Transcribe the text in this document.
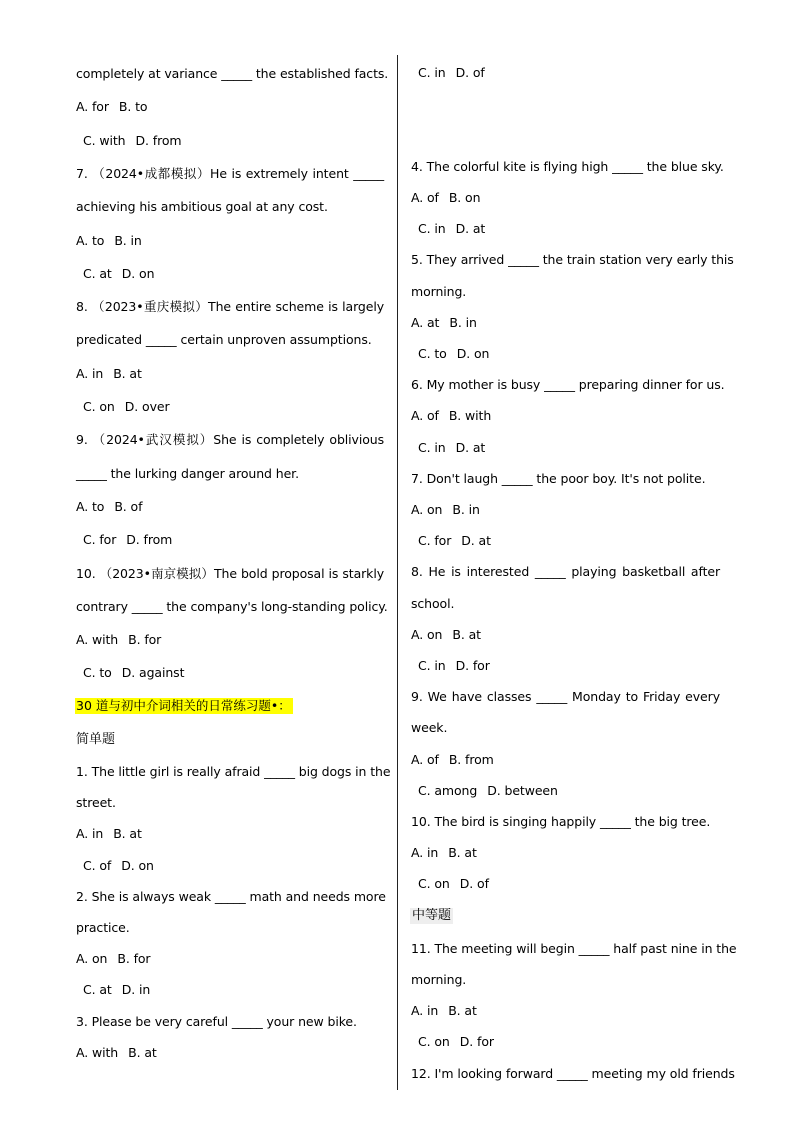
completely at variance _____ the established facts.
A. for B. to
C. with D. from
7. （2024•成都模拟）He is extremely intent _____
achieving his ambitious goal at any cost.
A. to B. in
C. at D. on
8. （2023•重庆模拟）The entire scheme is largely
predicated _____ certain unproven assumptions.
A. in B. at
C. on D. over
9. （2024•武汉模拟）She is completely oblivious
_____ the lurking danger around her.
A. to B. of
C. for D. from
10. （2023•南京模拟）The bold proposal is starkly
contrary _____ the company's long-standing policy.
A. with B. for
C. to D. against
30 道与初中介词相关的日常练习题•：
简单题
1. The little girl is really afraid _____ big dogs in the
street.
A. in B. at
C. of D. on
2. She is always weak _____ math and needs more
practice.
A. on B. for
C. at D. in
3. Please be very careful _____ your new bike.
A. with B. at
C. in D. of
4. The colorful kite is flying high _____ the blue sky.
A. of B. on
C. in D. at
5. They arrived _____ the train station very early this
morning.
A. at B. in
C. to D. on
6. My mother is busy _____ preparing dinner for us.
A. of B. with
C. in D. at
7. Don't laugh _____ the poor boy. It's not polite.
A. on B. in
C. for D. at
8. He is interested _____ playing basketball after
school.
A. on B. at
C. in D. for
9. We have classes _____ Monday to Friday every
week.
A. of B. from
C. among D. between
10. The bird is singing happily _____ the big tree.
A. in B. at
C. on D. of
中等题
11. The meeting will begin _____ half past nine in the
morning.
A. in B. at
C. on D. for
12. I'm looking forward _____ meeting my old friends
